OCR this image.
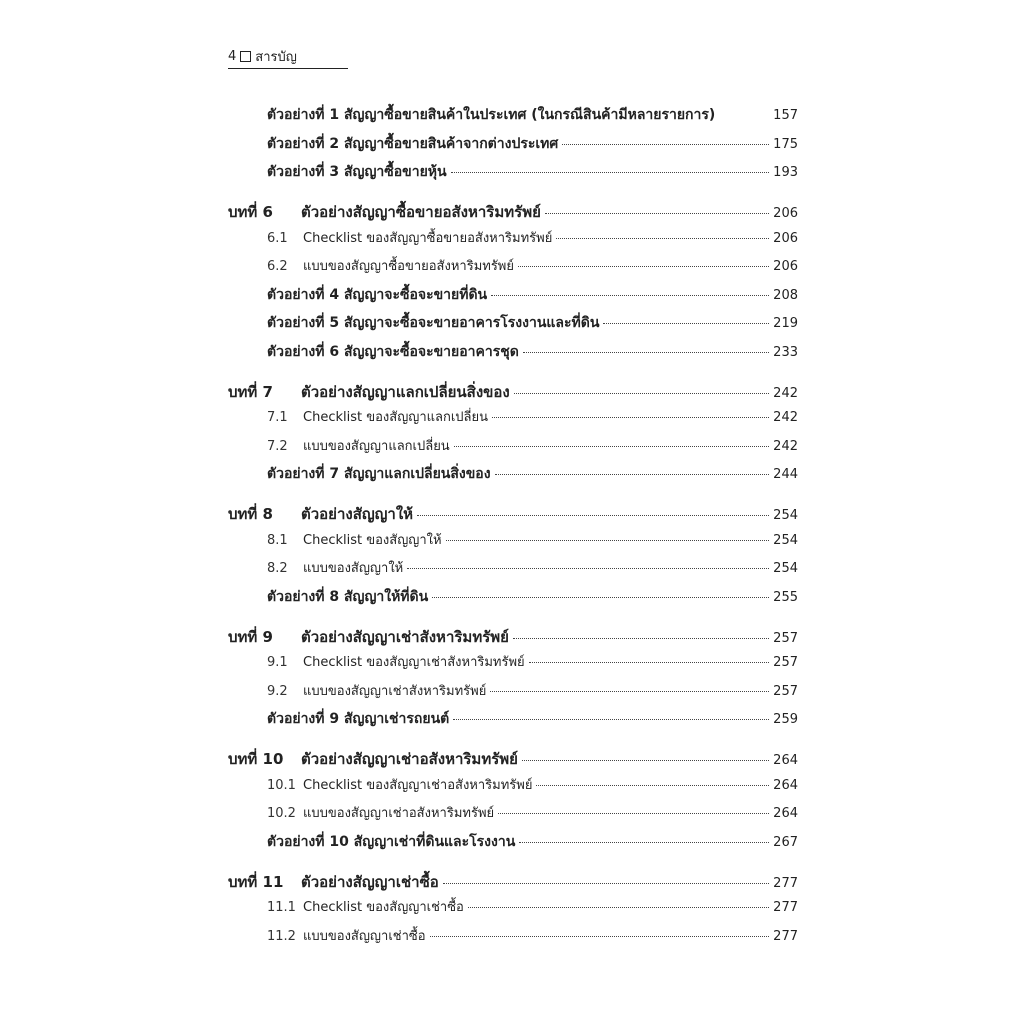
4 สารบัญ
ตัวอย่างที่ 1 สัญญาซื้อขายสินค้าในประเทศ (ในกรณีสินค้ามีหลายรายการ)	157
ตัวอย่างที่ 2 สัญญาซื้อขายสินค้าจากต่างประเทศ	175
ตัวอย่างที่ 3 สัญญาซื้อขายหุ้น	193
บทที่ 6	ตัวอย่างสัญญาซื้อขายอสังหาริมทรัพย์	206
6.1	Checklist ของสัญญาซื้อขายอสังหาริมทรัพย์	206
6.2	แบบของสัญญาซื้อขายอสังหาริมทรัพย์	206
ตัวอย่างที่ 4 สัญญาจะซื้อจะขายที่ดิน	208
ตัวอย่างที่ 5 สัญญาจะซื้อจะขายอาคารโรงงานและที่ดิน	219
ตัวอย่างที่ 6 สัญญาจะซื้อจะขายอาคารชุด	233
บทที่ 7	ตัวอย่างสัญญาแลกเปลี่ยนสิ่งของ	242
7.1	Checklist ของสัญญาแลกเปลี่ยน	242
7.2	แบบของสัญญาแลกเปลี่ยน	242
ตัวอย่างที่ 7 สัญญาแลกเปลี่ยนสิ่งของ	244
บทที่ 8	ตัวอย่างสัญญาให้	254
8.1	Checklist ของสัญญาให้	254
8.2	แบบของสัญญาให้	254
ตัวอย่างที่ 8 สัญญาให้ที่ดิน	255
บทที่ 9	ตัวอย่างสัญญาเช่าสังหาริมทรัพย์	257
9.1	Checklist ของสัญญาเช่าสังหาริมทรัพย์	257
9.2	แบบของสัญญาเช่าสังหาริมทรัพย์	257
ตัวอย่างที่ 9 สัญญาเช่ารถยนต์	259
บทที่ 10	ตัวอย่างสัญญาเช่าอสังหาริมทรัพย์	264
10.1 Checklist ของสัญญาเช่าอสังหาริมทรัพย์	264
10.2 แบบของสัญญาเช่าอสังหาริมทรัพย์	264
ตัวอย่างที่ 10 สัญญาเช่าที่ดินและโรงงาน	267
บทที่ 11	ตัวอย่างสัญญาเช่าซื้อ	277
11.1 Checklist ของสัญญาเช่าซื้อ	277
11.2 แบบของสัญญาเช่าซื้อ	277
